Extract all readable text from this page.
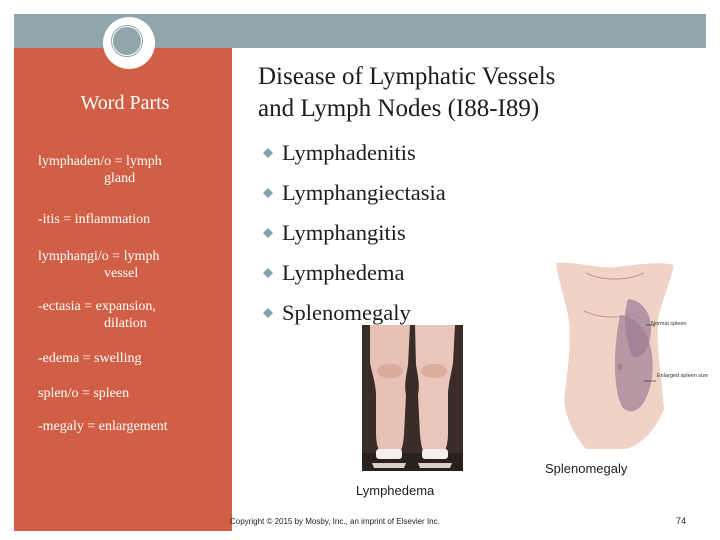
Word Parts
lymphaden/o = lymph
gland
-itis = inflammation
lymphangi/o = lymph
vessel
-ectasia = expansion,
dilation
-edema = swelling
splen/o = spleen
-megaly = enlargement
Disease of Lymphatic Vessels
and Lymph Nodes (I88-I89)
Lymphadenitis
Lymphangiectasia
Lymphangitis
Lymphedema
Splenomegaly
Lymphedema
Normal spleen
Enlarged spleen size
Splenomegaly
Copyright © 2015 by Mosby, Inc., an imprint of Elsevier Inc.	74
